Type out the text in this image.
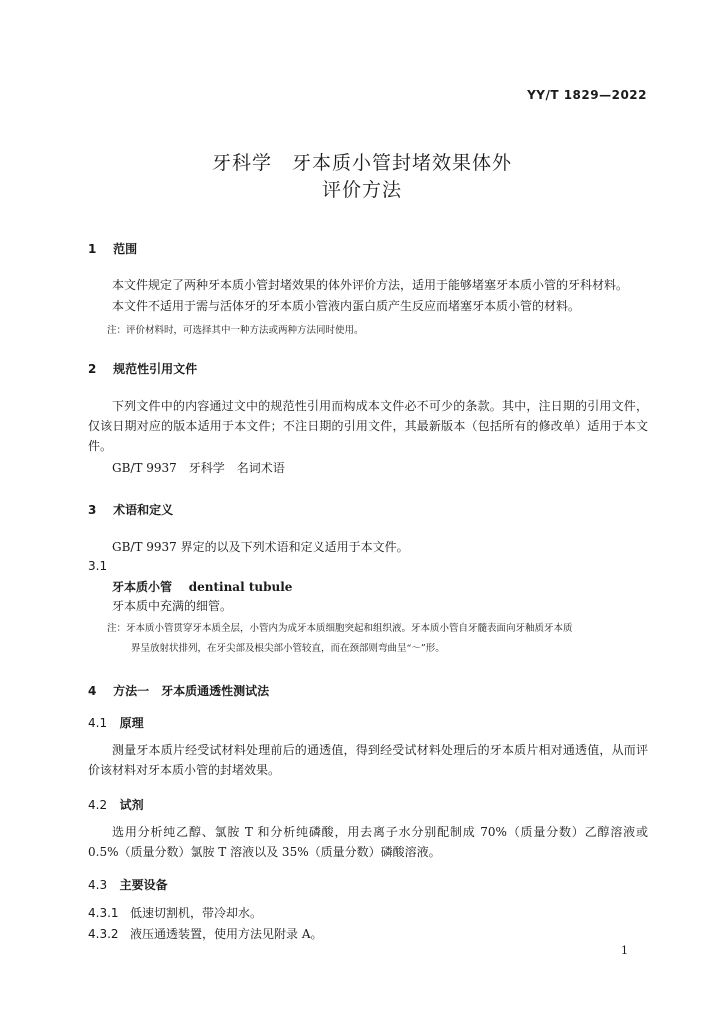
YY/T 1829—2022
牙科学　牙本质小管封堵效果体外
评价方法
1 范围
本文件规定了两种牙本质小管封堵效果的体外评价方法，适用于能够堵塞牙本质小管的牙科材料。
本文件不适用于需与活体牙的牙本质小管液内蛋白质产生反应而堵塞牙本质小管的材料。
注：评价材料时，可选择其中一种方法或两种方法同时使用。
2 规范性引用文件
下列文件中的内容通过文中的规范性引用而构成本文件必不可少的条款。其中，注日期的引用文件，仅该日期对应的版本适用于本文件；不注日期的引用文件，其最新版本（包括所有的修改单）适用于本文件。
GB/T 9937　牙科学　名词术语
3 术语和定义
GB/T 9937 界定的以及下列术语和定义适用于本文件。
3.1
牙本质小管 dentinal tubule
牙本质中充满的细管。
注：牙本质小管贯穿牙本质全层，小管内为成牙本质细胞突起和组织液。牙本质小管自牙髓表面向牙釉质牙本质
界呈放射状排列，在牙尖部及根尖部小管较直，而在颈部则弯曲呈“～”形。
4 方法一　牙本质通透性测试法
4.1 原理
测量牙本质片经受试材料处理前后的通透值，得到经受试材料处理后的牙本质片相对通透值，从而评价该材料对牙本质小管的封堵效果。
4.2 试剂
选用分析纯乙醇、氯胺 T 和分析纯磷酸，用去离子水分别配制成 70%（质量分数）乙醇溶液或 0.5%（质量分数）氯胺 T 溶液以及 35%（质量分数）磷酸溶液。
4.3 主要设备
4.3.1 低速切割机，带冷却水。
4.3.2 液压通透装置，使用方法见附录 A。
1
